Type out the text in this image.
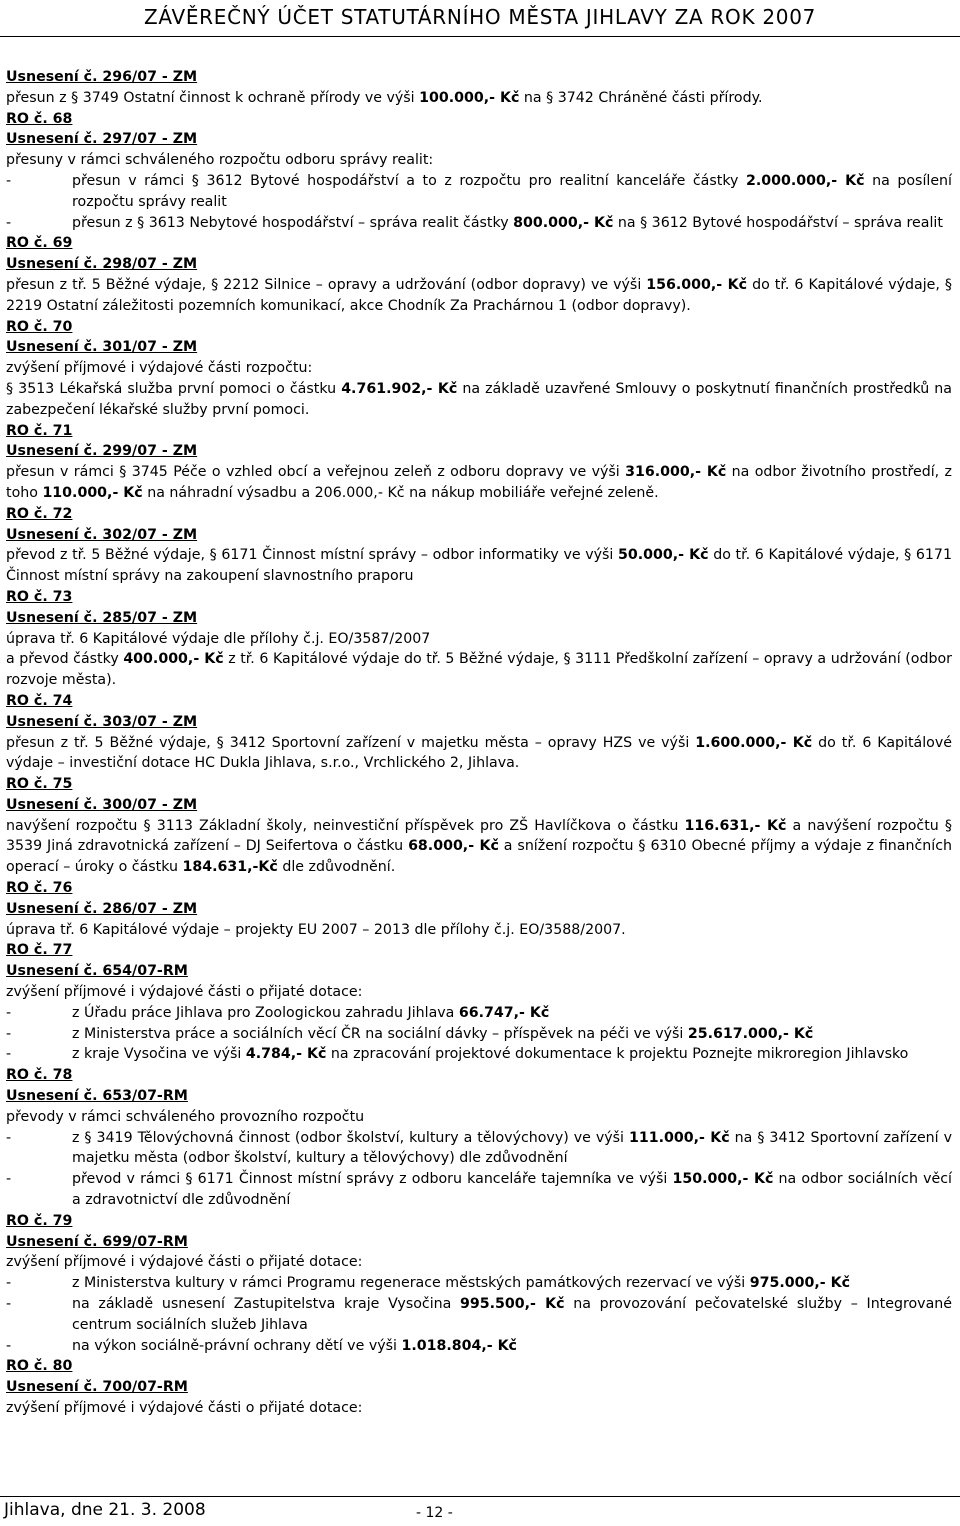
ZÁVĚREČNÝ ÚČET STATUTÁRNÍHO MĚSTA JIHLAVY ZA ROK 2007
Usnesení č. 296/07 - ZM
přesun z § 3749 Ostatní činnost k ochraně přírody ve výši 100.000,- Kč na § 3742 Chráněné části přírody.
RO č. 68
Usnesení č. 297/07 - ZM
přesuny v rámci schváleného rozpočtu odboru správy realit:
- přesun v rámci § 3612 Bytové hospodářství a to z rozpočtu pro realitní kanceláře částky 2.000.000,- Kč na posílení rozpočtu správy realit
- přesun z § 3613 Nebytové hospodářství – správa realit částky 800.000,- Kč na § 3612 Bytové hospodářství – správa realit
RO č. 69
Usnesení č. 298/07 - ZM
přesun z tř. 5 Běžné výdaje, § 2212 Silnice – opravy a udržování (odbor dopravy) ve výši 156.000,- Kč do tř. 6 Kapitálové výdaje, § 2219 Ostatní záležitosti pozemních komunikací, akce Chodník Za Prachárnou 1 (odbor dopravy).
RO č. 70
Usnesení č. 301/07 - ZM
zvýšení příjmové i výdajové části rozpočtu:
§ 3513 Lékařská služba první pomoci o částku 4.761.902,- Kč na základě uzavřené Smlouvy o poskytnutí finančních prostředků na zabezpečení lékařské služby první pomoci.
RO č. 71
Usnesení č. 299/07 - ZM
přesun v rámci § 3745 Péče o vzhled obcí a veřejnou zeleň z odboru dopravy ve výši 316.000,- Kč na odbor životního prostředí, z toho 110.000,- Kč na náhradní výsadbu a 206.000,- Kč na nákup mobiliáře veřejné zeleně.
RO č. 72
Usnesení č. 302/07 - ZM
převod z tř. 5 Běžné výdaje, § 6171 Činnost místní správy – odbor informatiky ve výši 50.000,- Kč do tř. 6 Kapitálové výdaje, § 6171 Činnost místní správy na zakoupení slavnostního praporu
RO č. 73
Usnesení č. 285/07 - ZM
úprava tř. 6 Kapitálové výdaje dle přílohy č.j. EO/3587/2007
a převod částky 400.000,- Kč z tř. 6 Kapitálové výdaje do tř. 5 Běžné výdaje, § 3111 Předškolní zařízení – opravy a udržování (odbor rozvoje města).
RO č. 74
Usnesení č. 303/07 - ZM
přesun z tř. 5 Běžné výdaje, § 3412 Sportovní zařízení v majetku města – opravy HZS ve výši 1.600.000,- Kč do tř. 6 Kapitálové výdaje – investiční dotace HC Dukla Jihlava, s.r.o., Vrchlického 2, Jihlava.
RO č. 75
Usnesení č. 300/07 - ZM
navýšení rozpočtu § 3113 Základní školy, neinvestiční příspěvek pro ZŠ Havlíčkova o částku 116.631,- Kč a navýšení rozpočtu § 3539 Jiná zdravotnická zařízení – DJ Seifertova o částku 68.000,- Kč a snížení rozpočtu § 6310 Obecné příjmy a výdaje z finančních operací – úroky o částku 184.631,-Kč dle zdůvodnění.
RO č. 76
Usnesení č. 286/07 - ZM
úprava tř. 6 Kapitálové výdaje – projekty EU 2007 – 2013 dle přílohy č.j. EO/3588/2007.
RO č. 77
Usnesení č. 654/07-RM
zvýšení příjmové i výdajové části o přijaté dotace:
- z Úřadu práce Jihlava pro Zoologickou zahradu Jihlava 66.747,- Kč
- z Ministerstva práce a sociálních věcí ČR na sociální dávky – příspěvek na péči ve výši 25.617.000,- Kč
- z kraje Vysočina ve výši 4.784,- Kč na zpracování projektové dokumentace k projektu Poznejte mikroregion Jihlavsko
RO č. 78
Usnesení č. 653/07-RM
převody v rámci schváleného provozního rozpočtu
- z § 3419 Tělovýchovná činnost (odbor školství, kultury a tělovýchovy) ve výši 111.000,- Kč na § 3412 Sportovní zařízení v majetku města (odbor školství, kultury a tělovýchovy) dle zdůvodnění
- převod v rámci § 6171 Činnost místní správy z odboru kanceláře tajemníka ve výši 150.000,- Kč na odbor sociálních věcí a zdravotnictví dle zdůvodnění
RO č. 79
Usnesení č. 699/07-RM
zvýšení příjmové i výdajové části o přijaté dotace:
- z Ministerstva kultury v rámci Programu regenerace městských památkových rezervací ve výši 975.000,- Kč
- na základě usnesení Zastupitelstva kraje Vysočina 995.500,- Kč na provozování pečovatelské služby – Integrované centrum sociálních služeb Jihlava
- na výkon sociálně-právní ochrany dětí ve výši 1.018.804,- Kč
RO č. 80
Usnesení č. 700/07-RM
zvýšení příjmové i výdajové části o přijaté dotace:
Jihlava, dne 21. 3. 2008	- 12 -
